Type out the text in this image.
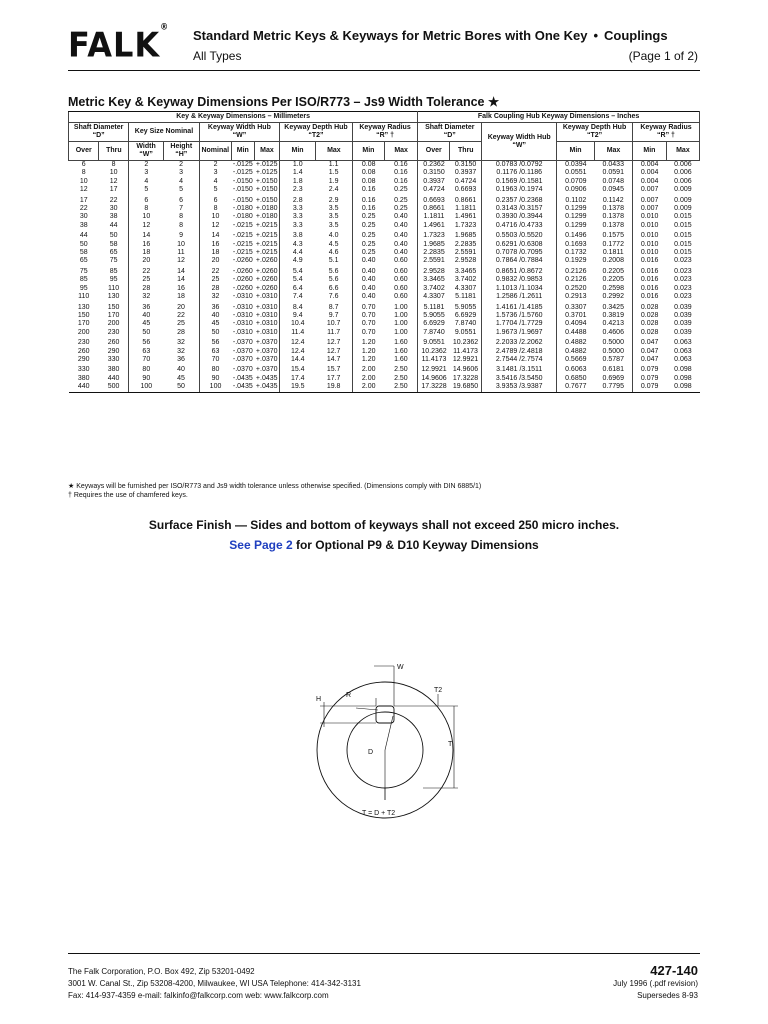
FALK®
Standard Metric Keys & Keyways for Metric Bores with One Key • Couplings
All Types	(Page 1 of 2)
Metric Key & Keyway Dimensions Per ISO/R773 – Js9 Width Tolerance ★
Key & Keyway Dimensions – Millimeters											Falk Coupling Hub Keyway Dimensions – Inches						
Shaft Diameter “D”		Key Size Nominal		Keyway Width Hub “W”			Keyway Depth Hub “T2”		Keyway Radius “R” †		Shaft Diameter “D”		Keyway Width Hub “W”	Keyway Depth Hub “T2”		Keyway Radius “R” †	
Over	Thru	Width “W”	Height “H”	Nominal	Min	Max	Min	Max	Min	Max	Over	Thru		Min	Max	Min	Max
6	8	2	2	2	-.0125	+.0125	1.0	1.1	0.08	0.16	0.2362	0.3150	0.0783 /0.0792	0.0394	0.0433	0.004	0.006
8	10	3	3	3	-.0125	+.0125	1.4	1.5	0.08	0.16	0.3150	0.3937	0.1176 /0.1186	0.0551	0.0591	0.004	0.006
10	12	4	4	4	-.0150	+.0150	1.8	1.9	0.08	0.16	0.3937	0.4724	0.1569 /0.1581	0.0709	0.0748	0.004	0.006
12	17	5	5	5	-.0150	+.0150	2.3	2.4	0.16	0.25	0.4724	0.6693	0.1963 /0.1974	0.0906	0.0945	0.007	0.009
17	22	6	6	6	-.0150	+.0150	2.8	2.9	0.16	0.25	0.6693	0.8661	0.2357 /0.2368	0.1102	0.1142	0.007	0.009
22	30	8	7	8	-.0180	+.0180	3.3	3.5	0.16	0.25	0.8661	1.1811	0.3143 /0.3157	0.1299	0.1378	0.007	0.009
30	38	10	8	10	-.0180	+.0180	3.3	3.5	0.25	0.40	1.1811	1.4961	0.3930 /0.3944	0.1299	0.1378	0.010	0.015
38	44	12	8	12	-.0215	+.0215	3.3	3.5	0.25	0.40	1.4961	1.7323	0.4716 /0.4733	0.1299	0.1378	0.010	0.015
44	50	14	9	14	-.0215	+.0215	3.8	4.0	0.25	0.40	1.7323	1.9685	0.5503 /0.5520	0.1496	0.1575	0.010	0.015
50	58	16	10	16	-.0215	+.0215	4.3	4.5	0.25	0.40	1.9685	2.2835	0.6291 /0.6308	0.1693	0.1772	0.010	0.015
58	65	18	11	18	-.0215	+.0215	4.4	4.6	0.25	0.40	2.2835	2.5591	0.7078 /0.7095	0.1732	0.1811	0.010	0.015
65	75	20	12	20	-.0260	+.0260	4.9	5.1	0.40	0.60	2.5591	2.9528	0.7864 /0.7884	0.1929	0.2008	0.016	0.023
75	85	22	14	22	-.0260	+.0260	5.4	5.6	0.40	0.60	2.9528	3.3465	0.8651 /0.8672	0.2126	0.2205	0.016	0.023
85	95	25	14	25	-.0260	+.0260	5.4	5.6	0.40	0.60	3.3465	3.7402	0.9832 /0.9853	0.2126	0.2205	0.016	0.023
95	110	28	16	28	-.0260	+.0260	6.4	6.6	0.40	0.60	3.7402	4.3307	1.1013 /1.1034	0.2520	0.2598	0.016	0.023
110	130	32	18	32	-.0310	+.0310	7.4	7.6	0.40	0.60	4.3307	5.1181	1.2586 /1.2611	0.2913	0.2992	0.016	0.023
130	150	36	20	36	-.0310	+.0310	8.4	8.7	0.70	1.00	5.1181	5.9055	1.4161 /1.4185	0.3307	0.3425	0.028	0.039
150	170	40	22	40	-.0310	+.0310	9.4	9.7	0.70	1.00	5.9055	6.6929	1.5736 /1.5760	0.3701	0.3819	0.028	0.039
170	200	45	25	45	-.0310	+.0310	10.4	10.7	0.70	1.00	6.6929	7.8740	1.7704 /1.7729	0.4094	0.4213	0.028	0.039
200	230	50	28	50	-.0310	+.0310	11.4	11.7	0.70	1.00	7.8740	9.0551	1.9673 /1.9697	0.4488	0.4606	0.028	0.039
230	260	56	32	56	-.0370	+.0370	12.4	12.7	1.20	1.60	9.0551	10.2362	2.2033 /2.2062	0.4882	0.5000	0.047	0.063
260	290	63	32	63	-.0370	+.0370	12.4	12.7	1.20	1.60	10.2362	11.4173	2.4789 /2.4818	0.4882	0.5000	0.047	0.063
290	330	70	36	70	-.0370	+.0370	14.4	14.7	1.20	1.60	11.4173	12.9921	2.7544 /2.7574	0.5669	0.5787	0.047	0.063
330	380	80	40	80	-.0370	+.0370	15.4	15.7	2.00	2.50	12.9921	14.9606	3.1481 /3.1511	0.6063	0.6181	0.079	0.098
380	440	90	45	90	-.0435	+.0435	17.4	17.7	2.00	2.50	14.9606	17.3228	3.5416 /3.5450	0.6850	0.6969	0.079	0.098
440	500	100	50	100	-.0435	+.0435	19.5	19.8	2.00	2.50	17.3228	19.6850	3.9353 /3.9387	0.7677	0.7795	0.079	0.098
★ Keyways will be furnished per ISO/R773 and Js9 width tolerance unless otherwise specified. (Dimensions comply with DIN 6885/1)
† Requires the use of chamfered keys.
Surface Finish — Sides and bottom of keyways shall not exceed 250 micro inches.
See Page 2 for Optional P9 & D10 Keyway Dimensions
W
H
R
T2
T
D
T = D + T2
The Falk Corporation, P.O. Box 492, Zip 53201-0492
3001 W. Canal St., Zip 53208-4200, Milwaukee, WI USA Telephone: 414-342-3131
Fax: 414-937-4359 e-mail: falkinfo@falkcorp.com web: www.falkcorp.com
427-140
July 1996 (.pdf revision)
Supersedes 8-93
